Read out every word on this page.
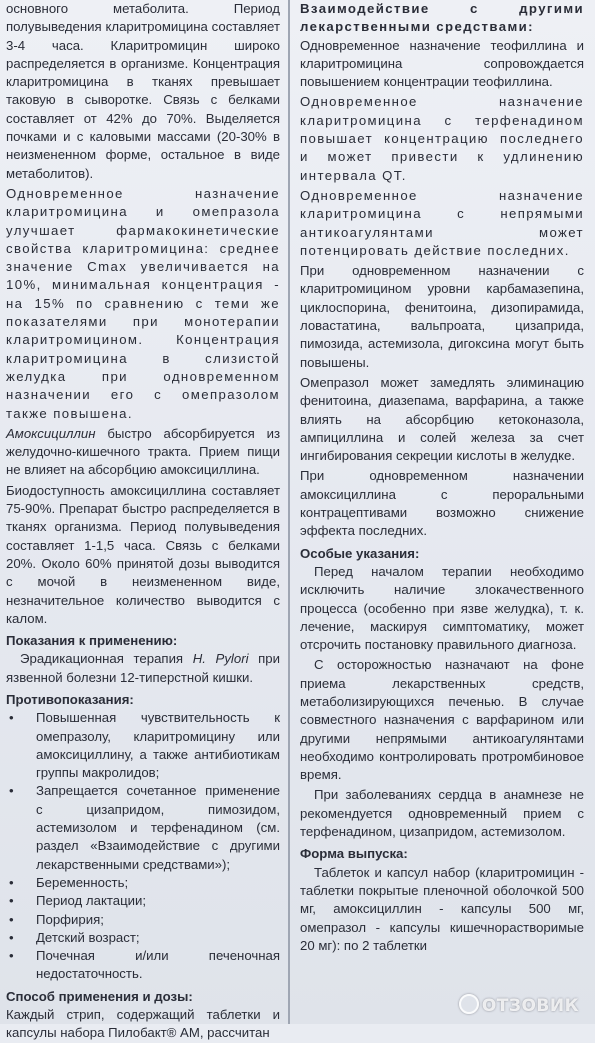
основного метаболита. Период полувыведения кларитромицина составляет 3-4 часа. Кларитромицин широко распределяется в организме. Концентрация кларитромицина в тканях превышает таковую в сыворотке. Связь с белками составляет от 42% до 70%. Выделяется почками и с каловыми массами (20-30% в неизмененном форме, остальное в виде метаболитов).

Одновременное назначение кларитромицина и омепразола улучшает фармакокинетические свойства кларитромицина: среднее значение Cmax увеличивается на 10%, минимальная концентрация - на 15% по сравнению с теми же показателями при монотерапии кларитромицином. Концентрация кларитромицина в слизистой желудка при одновременном назначении его с омепразолом также повышена.

Амоксициллин быстро абсорбируется из желудочно-кишечного тракта. Прием пищи не влияет на абсорбцию амоксициллина.

Биодоступность амоксициллина составляет 75-90%. Препарат быстро распределяется в тканях организма. Период полувыведения составляет 1-1,5 часа. Связь с белками 20%. Около 60% принятой дозы выводится с мочой в неизмененном виде, незначительное количество выводится с калом.

Показания к применению:

Эрадикационная терапия H. Pylori при язвенной болезни 12-типерстной кишки.

Противопоказания:

• Повышенная чувствительность к омепразолу, кларитромицину или амоксициллину, а также антибиотикам группы макролидов;
• Запрещается сочетанное применение с цизапридом, пимозидом, астемизолом и терфенадином (см. раздел «Взаимодействие с другими лекарственными средствами»);
• Беременность;
• Период лактации;
• Порфирия;
• Детский возраст;
• Почечная и/или печеночная недостаточность.

Способ применения и дозы:

Каждый стрип, содержащий таблетки и капсулы набора Пилобакт® АМ, рассчитан

Взаимодействие с другими лекарственными средствами:

Одновременное назначение теофиллина и кларитромицина сопровождается повышением концентрации теофиллина.

Одновременное назначение кларитромицина с терфенадином повышает концентрацию последнего и может привести к удлинению интервала QT.

Одновременное назначение кларитромицина с непрямыми антикоагулянтами может потенцировать действие последних.

При одновременном назначении с кларитромицином уровни карбамазепина, циклоспорина, фенитоина, дизопирамида, ловастатина, вальпроата, цизаприда, пимозида, астемизола, дигоксина могут быть повышены.

Омепразол может замедлять элиминацию фенитоина, диазепама, варфарина, а также влиять на абсорбцию кетоконазола, ампициллина и солей железа за счет ингибирования секреции кислоты в желудке.

При одновременном назначении амоксициллина с пероральными контрацептивами возможно снижение эффекта последних.

Особые указания:

Перед началом терапии необходимо исключить наличие злокачественного процесса (особенно при язве желудка), т. к. лечение, маскируя симптоматику, может отсрочить постановку правильного диагноза.

С осторожностью назначают на фоне приема лекарственных средств, метаболизирующихся печенью. В случае совместного назначения с варфарином или другими непрямыми антикоагулянтами необходимо контролировать протромбиновое время.

При заболеваниях сердца в анамнезе не рекомендуется одновременный прием с терфенадином, цизапридом, астемизолом.

Форма выпуска:

Таблеток и капсул набор (кларитромицин - таблетки покрытые пленочной оболочкой 500 мг, амоксициллин - капсулы 500 мг, омепразол - капсулы кишечнорастворимые 20 мг): по 2 таблетки

ОТЗОВИК
